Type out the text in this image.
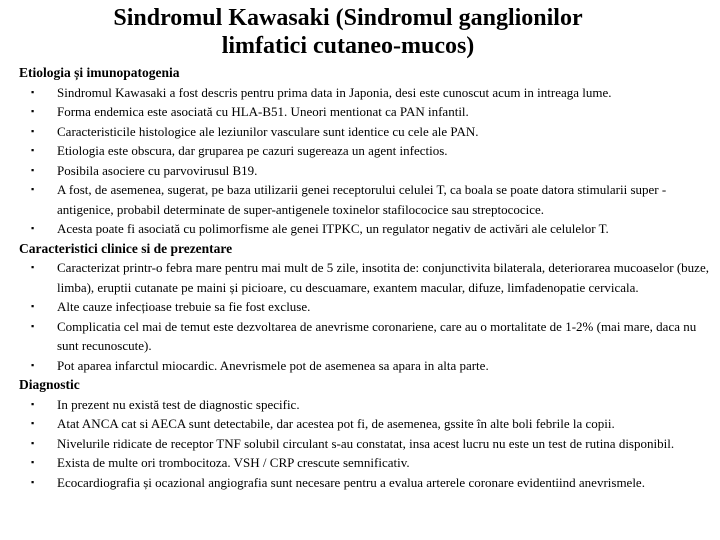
Sindromul Kawasaki (Sindromul ganglionilor
limfatici cutaneo-mucos)
Etiologia și imunopatogenia
▪	Sindromul Kawasaki a fost descris pentru prima data in Japonia, desi este cunoscut acum in intreaga lume.
▪	Forma endemica este asociată cu HLA-B51. Uneori mentionat ca PAN infantil.
▪	Caracteristicile histologice ale leziunilor vasculare sunt identice cu cele ale PAN.
▪	Etiologia este obscura, dar gruparea pe cazuri sugereaza un agent infectios.
▪	Posibila asociere cu parvovirusul B19.
▪	A fost, de asemenea, sugerat, pe baza utilizarii genei receptorului celulei T, ca boala se poate datora stimularii super -antigenice, probabil determinate de super-antigenele toxinelor stafilococice sau streptococice.
▪	Acesta poate fi asociată cu polimorfisme ale genei ITPKC, un regulator negativ de activări ale celulelor T.
Caracteristici clinice si de prezentare
▪	Caracterizat printr-o febra mare pentru mai mult de 5 zile, insotita de: conjunctivita bilaterala, deteriorarea mucoaselor (buze, limba), eruptii cutanate pe maini și picioare, cu descuamare, exantem macular, difuze, limfadenopatie cervicala.
▪	Alte cauze infecțioase trebuie sa fie fost excluse.
▪	Complicatia cel mai de temut este dezvoltarea de anevrisme coronariene, care au o mortalitate de 1-2% (mai mare, daca nu sunt recunoscute).
▪	Pot aparea infarctul miocardic. Anevrismele pot de asemenea sa apara in alta parte.
Diagnostic
▪	In prezent nu există test de diagnostic specific.
▪	Atat ANCA cat si AECA sunt detectabile, dar acestea pot fi, de asemenea, gssite în alte boli febrile la copii.
▪	Nivelurile ridicate de receptor TNF solubil circulant s-au constatat, insa acest lucru nu este un test de rutina disponibil.
▪	Exista de multe ori trombocitoza. VSH / CRP crescute semnificativ.
▪	Ecocardiografia și ocazional angiografia sunt necesare pentru a evalua arterele coronare evidentiind anevrismele.
